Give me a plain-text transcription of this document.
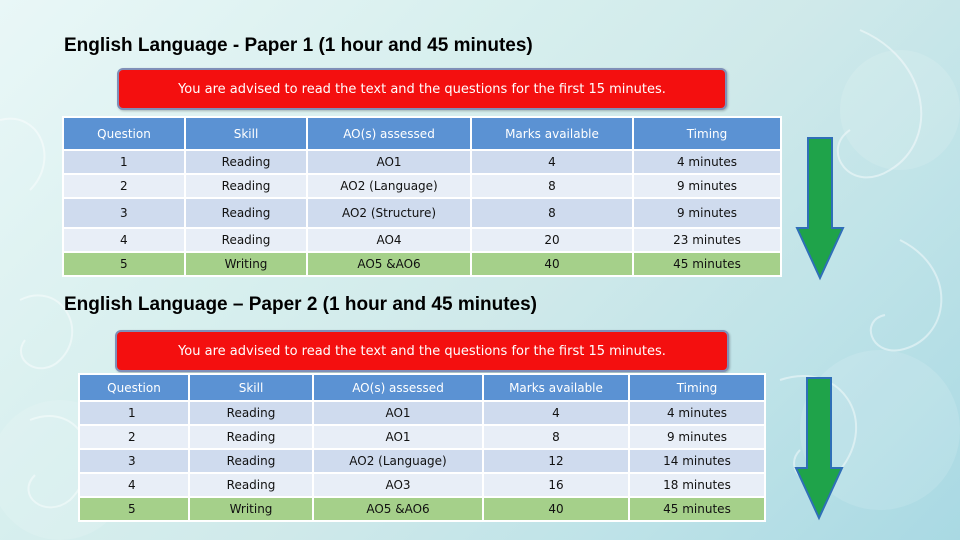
English Language - Paper 1 (1 hour and 45 minutes)
You are advised to read the text and the questions for the first 15 minutes.
Question	Skill	AO(s) assessed	Marks available	Timing
1	Reading	AO1	4	4 minutes
2	Reading	AO2 (Language)	8	9 minutes
3	Reading	AO2 (Structure)	8	9 minutes
4	Reading	AO4	20	23 minutes
5	Writing	AO5 &AO6	40	45 minutes
English Language – Paper 2 (1 hour and 45 minutes)
You are advised to read the text and the questions for the first 15 minutes.
Question	Skill	AO(s) assessed	Marks available	Timing
1	Reading	AO1	4	4 minutes
2	Reading	AO1	8	9 minutes
3	Reading	AO2 (Language)	12	14 minutes
4	Reading	AO3	16	18 minutes
5	Writing	AO5 &AO6	40	45 minutes
